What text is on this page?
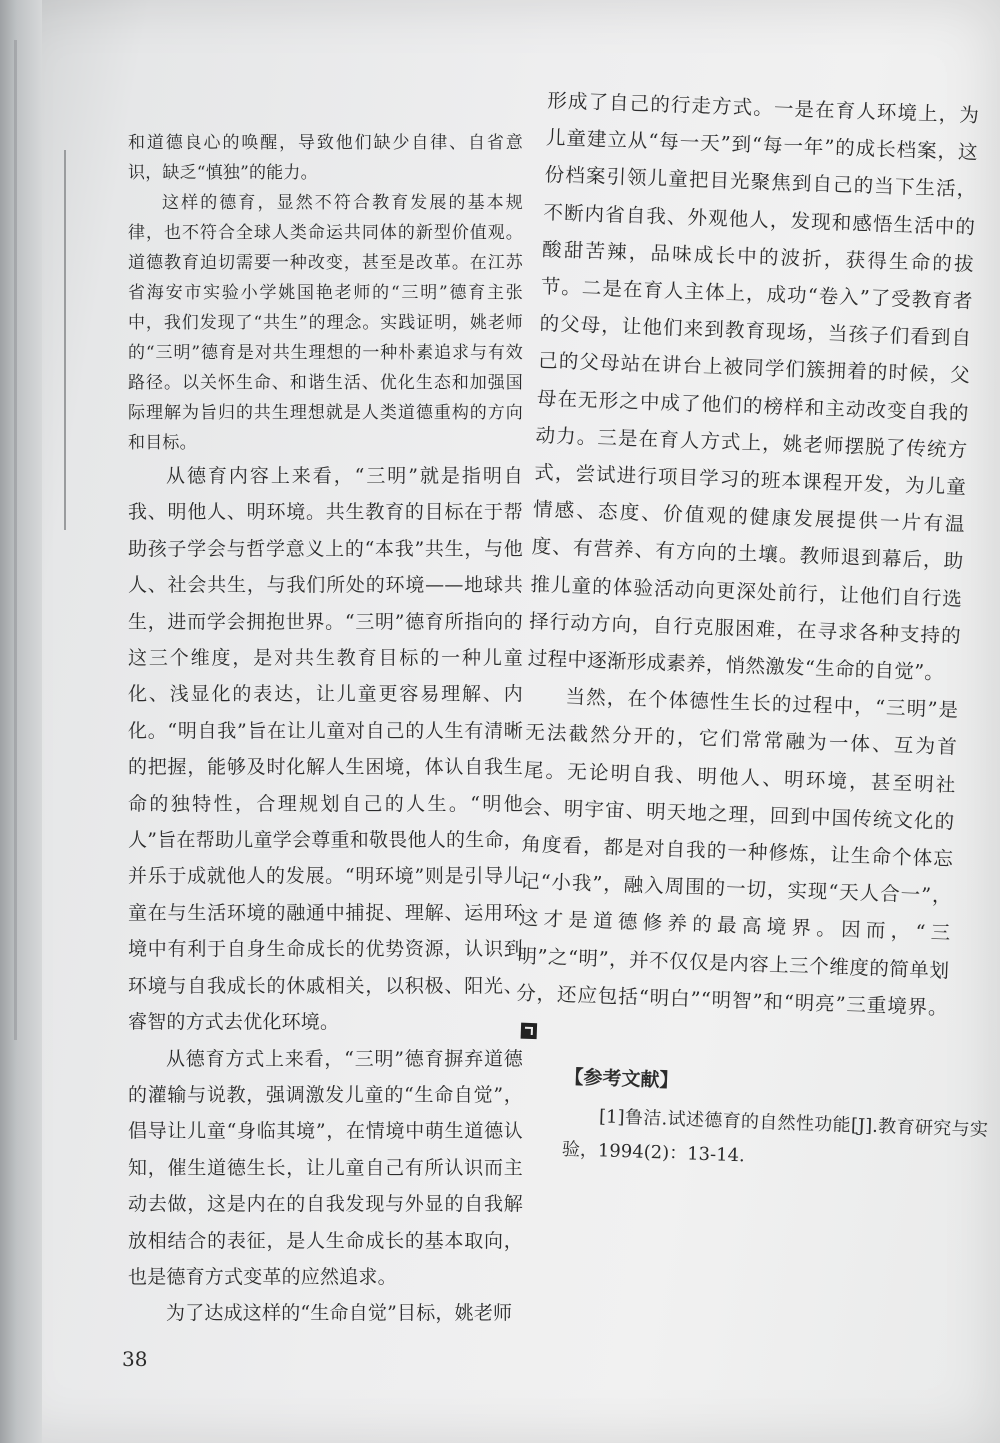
和道德良心的唤醒，导致他们缺少自律、自省意识，缺乏“慎独”的能力。

这样的德育，显然不符合教育发展的基本规律，也不符合全球人类命运共同体的新型价值观。道德教育迫切需要一种改变，甚至是改革。在江苏省海安市实验小学姚国艳老师的“三明”德育主张中，我们发现了“共生”的理念。实践证明，姚老师的“三明”德育是对共生理想的一种朴素追求与有效路径。以关怀生命、和谐生活、优化生态和加强国际理解为旨归的共生理想就是人类道德重构的方向和目标。

从德育内容上来看，“三明”就是指明自我、明他人、明环境。共生教育的目标在于帮助孩子学会与哲学意义上的“本我”共生，与他人、社会共生，与我们所处的环境——地球共生，进而学会拥抱世界。“三明”德育所指向的这三个维度，是对共生教育目标的一种儿童化、浅显化的表达，让儿童更容易理解、内化。“明自我”旨在让儿童对自己的人生有清晰的把握，能够及时化解人生困境，体认自我生命的独特性，合理规划自己的人生。“明他人”旨在帮助儿童学会尊重和敬畏他人的生命，并乐于成就他人的发展。“明环境”则是引导儿童在与生活环境的融通中捕捉、理解、运用环境中有利于自身生命成长的优势资源，认识到环境与自我成长的休戚相关，以积极、阳光、睿智的方式去优化环境。

从德育方式上来看，“三明”德育摒弃道德的灌输与说教，强调激发儿童的“生命自觉”，倡导让儿童“身临其境”，在情境中萌生道德认知，催生道德生长，让儿童自己有所认识而主动去做，这是内在的自我发现与外显的自我解放相结合的表征，是人生命成长的基本取向，也是德育方式变革的应然追求。

为了达成这样的“生命自觉”目标，姚老师

形成了自己的行走方式。一是在育人环境上，为儿童建立从“每一天”到“每一年”的成长档案，这份档案引领儿童把目光聚焦到自己的当下生活，不断内省自我、外观他人，发现和感悟生活中的酸甜苦辣，品味成长中的波折，获得生命的拔节。二是在育人主体上，成功“卷入”了受教育者的父母，让他们来到教育现场，当孩子们看到自己的父母站在讲台上被同学们簇拥着的时候，父母在无形之中成了他们的榜样和主动改变自我的动力。三是在育人方式上，姚老师摆脱了传统方式，尝试进行项目学习的班本课程开发，为儿童情感、态度、价值观的健康发展提供一片有温度、有营养、有方向的土壤。教师退到幕后，助推儿童的体验活动向更深处前行，让他们自行选择行动方向，自行克服困难，在寻求各种支持的过程中逐渐形成素养，悄然激发“生命的自觉”。

当然，在个体德性生长的过程中，“三明”是无法截然分开的，它们常常融为一体、互为首尾。无论明自我、明他人、明环境，甚至明社会、明宇宙、明天地之理，回到中国传统文化的角度看，都是对自我的一种修炼，让生命个体忘记“小我”，融入周围的一切，实现“天人合一”，这才是道德修养的最高境界。因而，“三明”之“明”，并不仅仅是内容上三个维度的简单划分，还应包括“明白”“明智”和“明亮”三重境界。

【参考文献】
[1]鲁洁.试述德育的自然性功能[J].教育研究与实验，1994(2)：13-14.
38
